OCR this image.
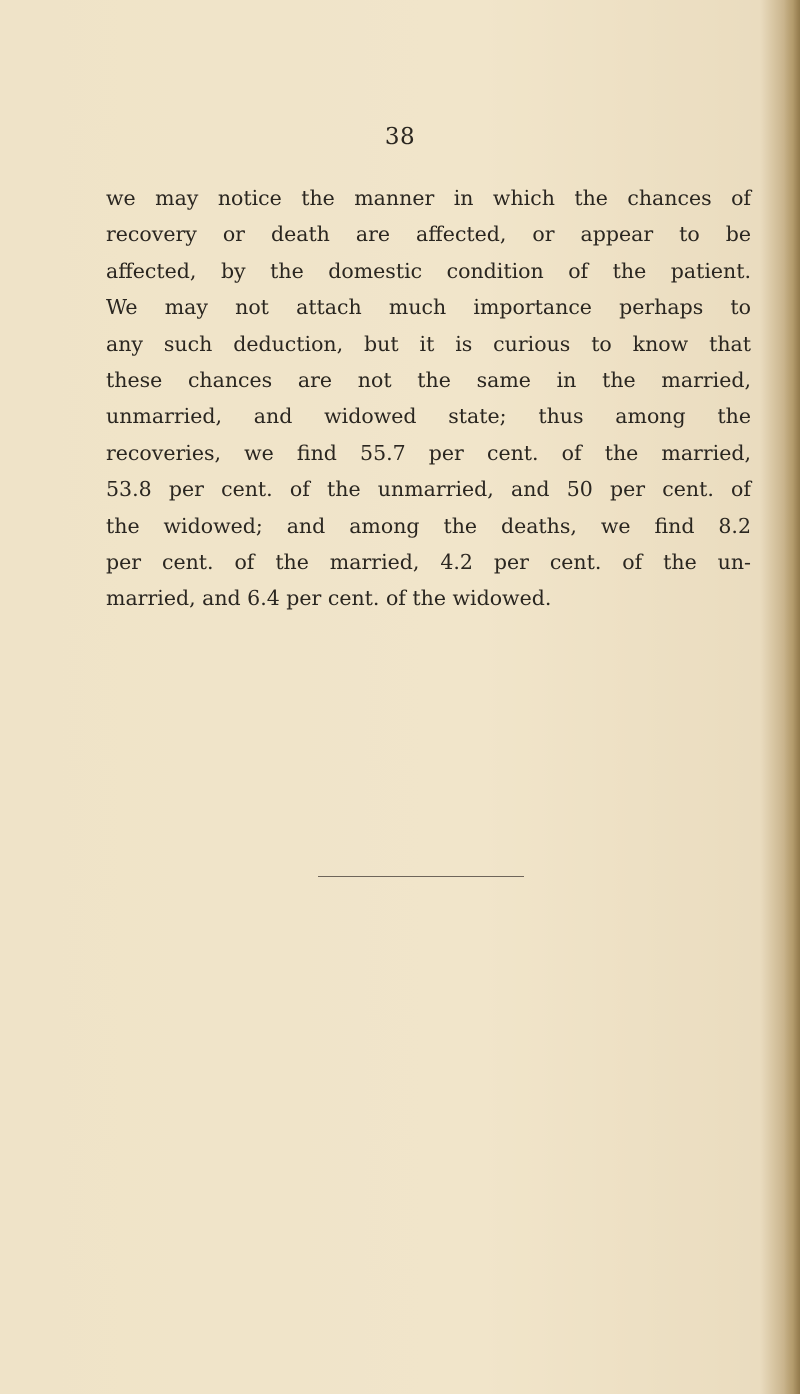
38

we may notice the manner in which the chances of
recovery or death are affected, or appear to be
affected, by the domestic condition of the patient.
We may not attach much importance perhaps to
any such deduction, but it is curious to know that
these chances are not the same in the married,
unmarried, and widowed state; thus among the
recoveries, we find 55.7 per cent. of the married,
53.8 per cent. of the unmarried, and 50 per cent. of
the widowed; and among the deaths, we find 8.2
per cent. of the married, 4.2 per cent. of the un-
married, and 6.4 per cent. of the widowed.
